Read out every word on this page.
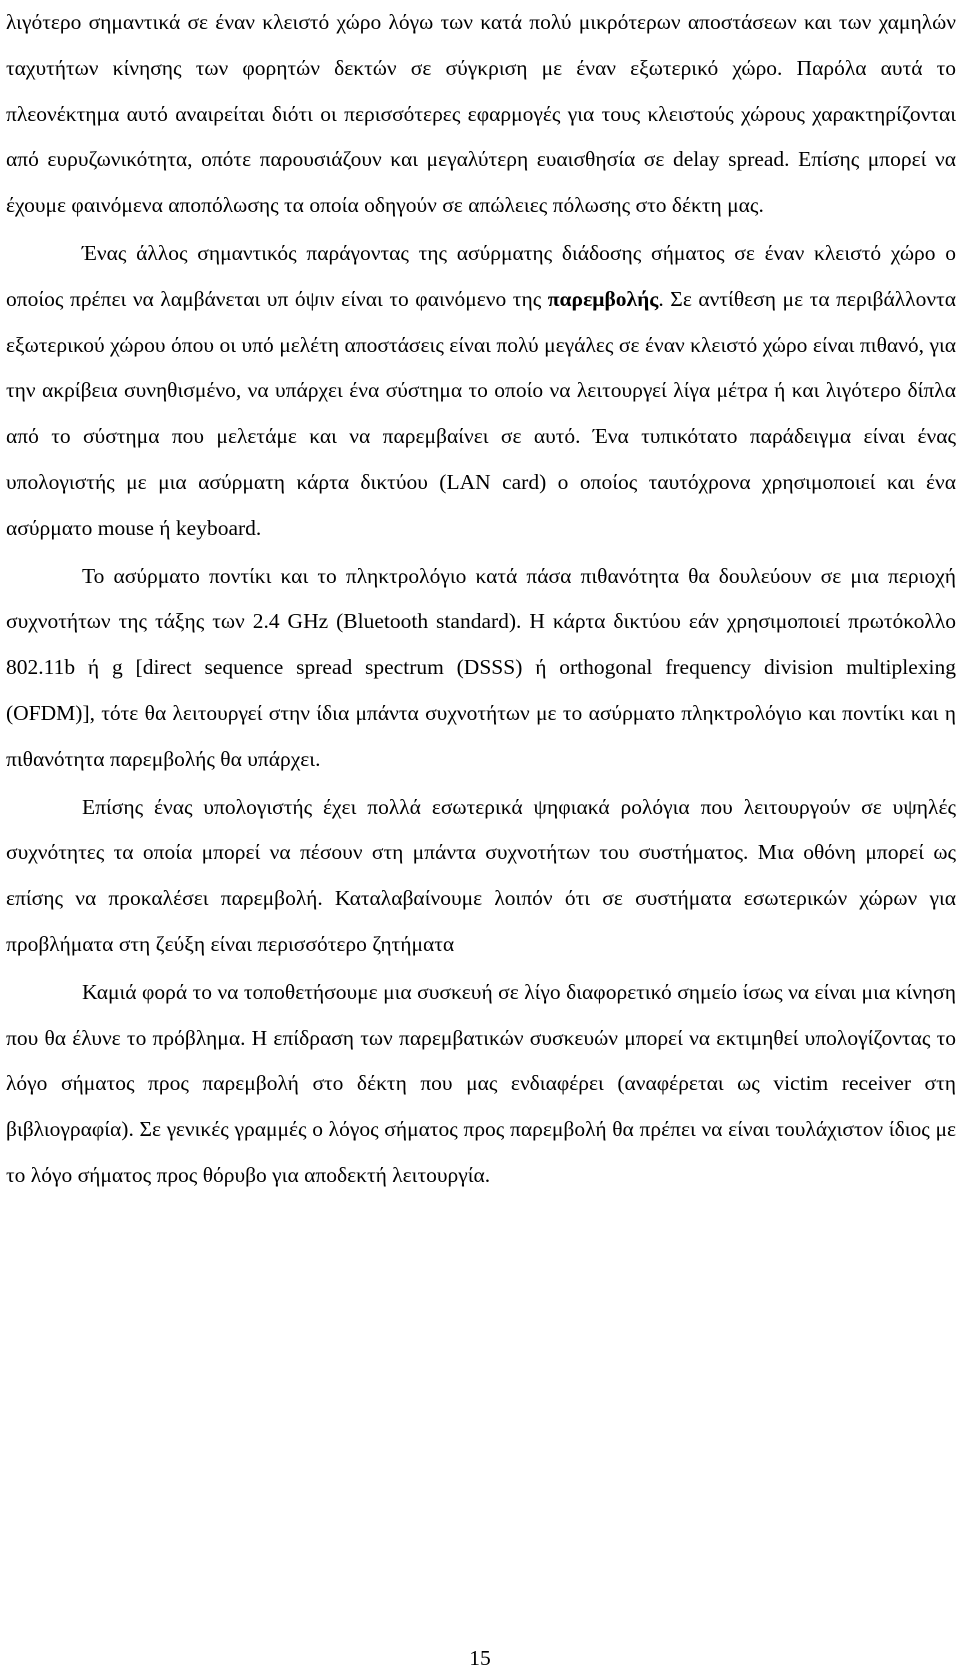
λιγότερο σημαντικά σε έναν κλειστό χώρο λόγω των κατά πολύ μικρότερων αποστάσεων και των χαμηλών ταχυτήτων κίνησης των φορητών δεκτών σε σύγκριση με έναν εξωτερικό χώρο. Παρόλα αυτά το πλεονέκτημα αυτό αναιρείται διότι οι περισσότερες εφαρμογές για τους κλειστούς χώρους χαρακτηρίζονται από ευρυζωνικότητα, οπότε παρουσιάζουν και μεγαλύτερη ευαισθησία σε delay spread. Επίσης μπορεί να έχουμε φαινόμενα αποπόλωσης τα οποία οδηγούν σε απώλειες πόλωσης στο δέκτη μας.

Ένας άλλος σημαντικός παράγοντας της ασύρματης διάδοσης σήματος σε έναν κλειστό χώρο ο οποίος πρέπει να λαμβάνεται υπ όψιν είναι το φαινόμενο της παρεμβολής. Σε αντίθεση με τα περιβάλλοντα εξωτερικού χώρου όπου οι υπό μελέτη αποστάσεις είναι πολύ μεγάλες σε έναν κλειστό χώρο είναι πιθανό, για την ακρίβεια συνηθισμένο, να υπάρχει ένα σύστημα το οποίο να λειτουργεί λίγα μέτρα ή και λιγότερο δίπλα από το σύστημα που μελετάμε και να παρεμβαίνει σε αυτό. Ένα τυπικότατο παράδειγμα είναι ένας υπολογιστής με μια ασύρματη κάρτα δικτύου (LAN card) ο οποίος ταυτόχρονα χρησιμοποιεί και ένα ασύρματο mouse ή keyboard.

Το ασύρματο ποντίκι και το πληκτρολόγιο κατά πάσα πιθανότητα θα δουλεύουν σε μια περιοχή συχνοτήτων της τάξης των 2.4 GHz (Bluetooth standard). Η κάρτα δικτύου εάν χρησιμοποιεί πρωτόκολλο 802.11b ή g [direct sequence spread spectrum (DSSS) ή orthogonal frequency division multiplexing (OFDM)], τότε θα λειτουργεί στην ίδια μπάντα συχνοτήτων με το ασύρματο πληκτρολόγιο και ποντίκι και η πιθανότητα παρεμβολής θα υπάρχει.

Επίσης ένας υπολογιστής έχει πολλά εσωτερικά ψηφιακά ρολόγια που λειτουργούν σε υψηλές συχνότητες τα οποία μπορεί να πέσουν στη μπάντα συχνοτήτων του συστήματος. Μια οθόνη μπορεί ως επίσης να προκαλέσει παρεμβολή. Καταλαβαίνουμε λοιπόν ότι σε συστήματα εσωτερικών χώρων για προβλήματα στη ζεύξη είναι περισσότερο ζητήματα

Καμιά φορά το να τοποθετήσουμε μια συσκευή σε λίγο διαφορετικό σημείο ίσως να είναι μια κίνηση που θα έλυνε το πρόβλημα. Η επίδραση των παρεμβατικών συσκευών μπορεί να εκτιμηθεί υπολογίζοντας το λόγο σήματος προς παρεμβολή στο δέκτη που μας ενδιαφέρει (αναφέρεται ως victim receiver στη βιβλιογραφία). Σε γενικές γραμμές ο λόγος σήματος προς παρεμβολή θα πρέπει να είναι τουλάχιστον ίδιος με το λόγο σήματος προς θόρυβο για αποδεκτή λειτουργία.

15
